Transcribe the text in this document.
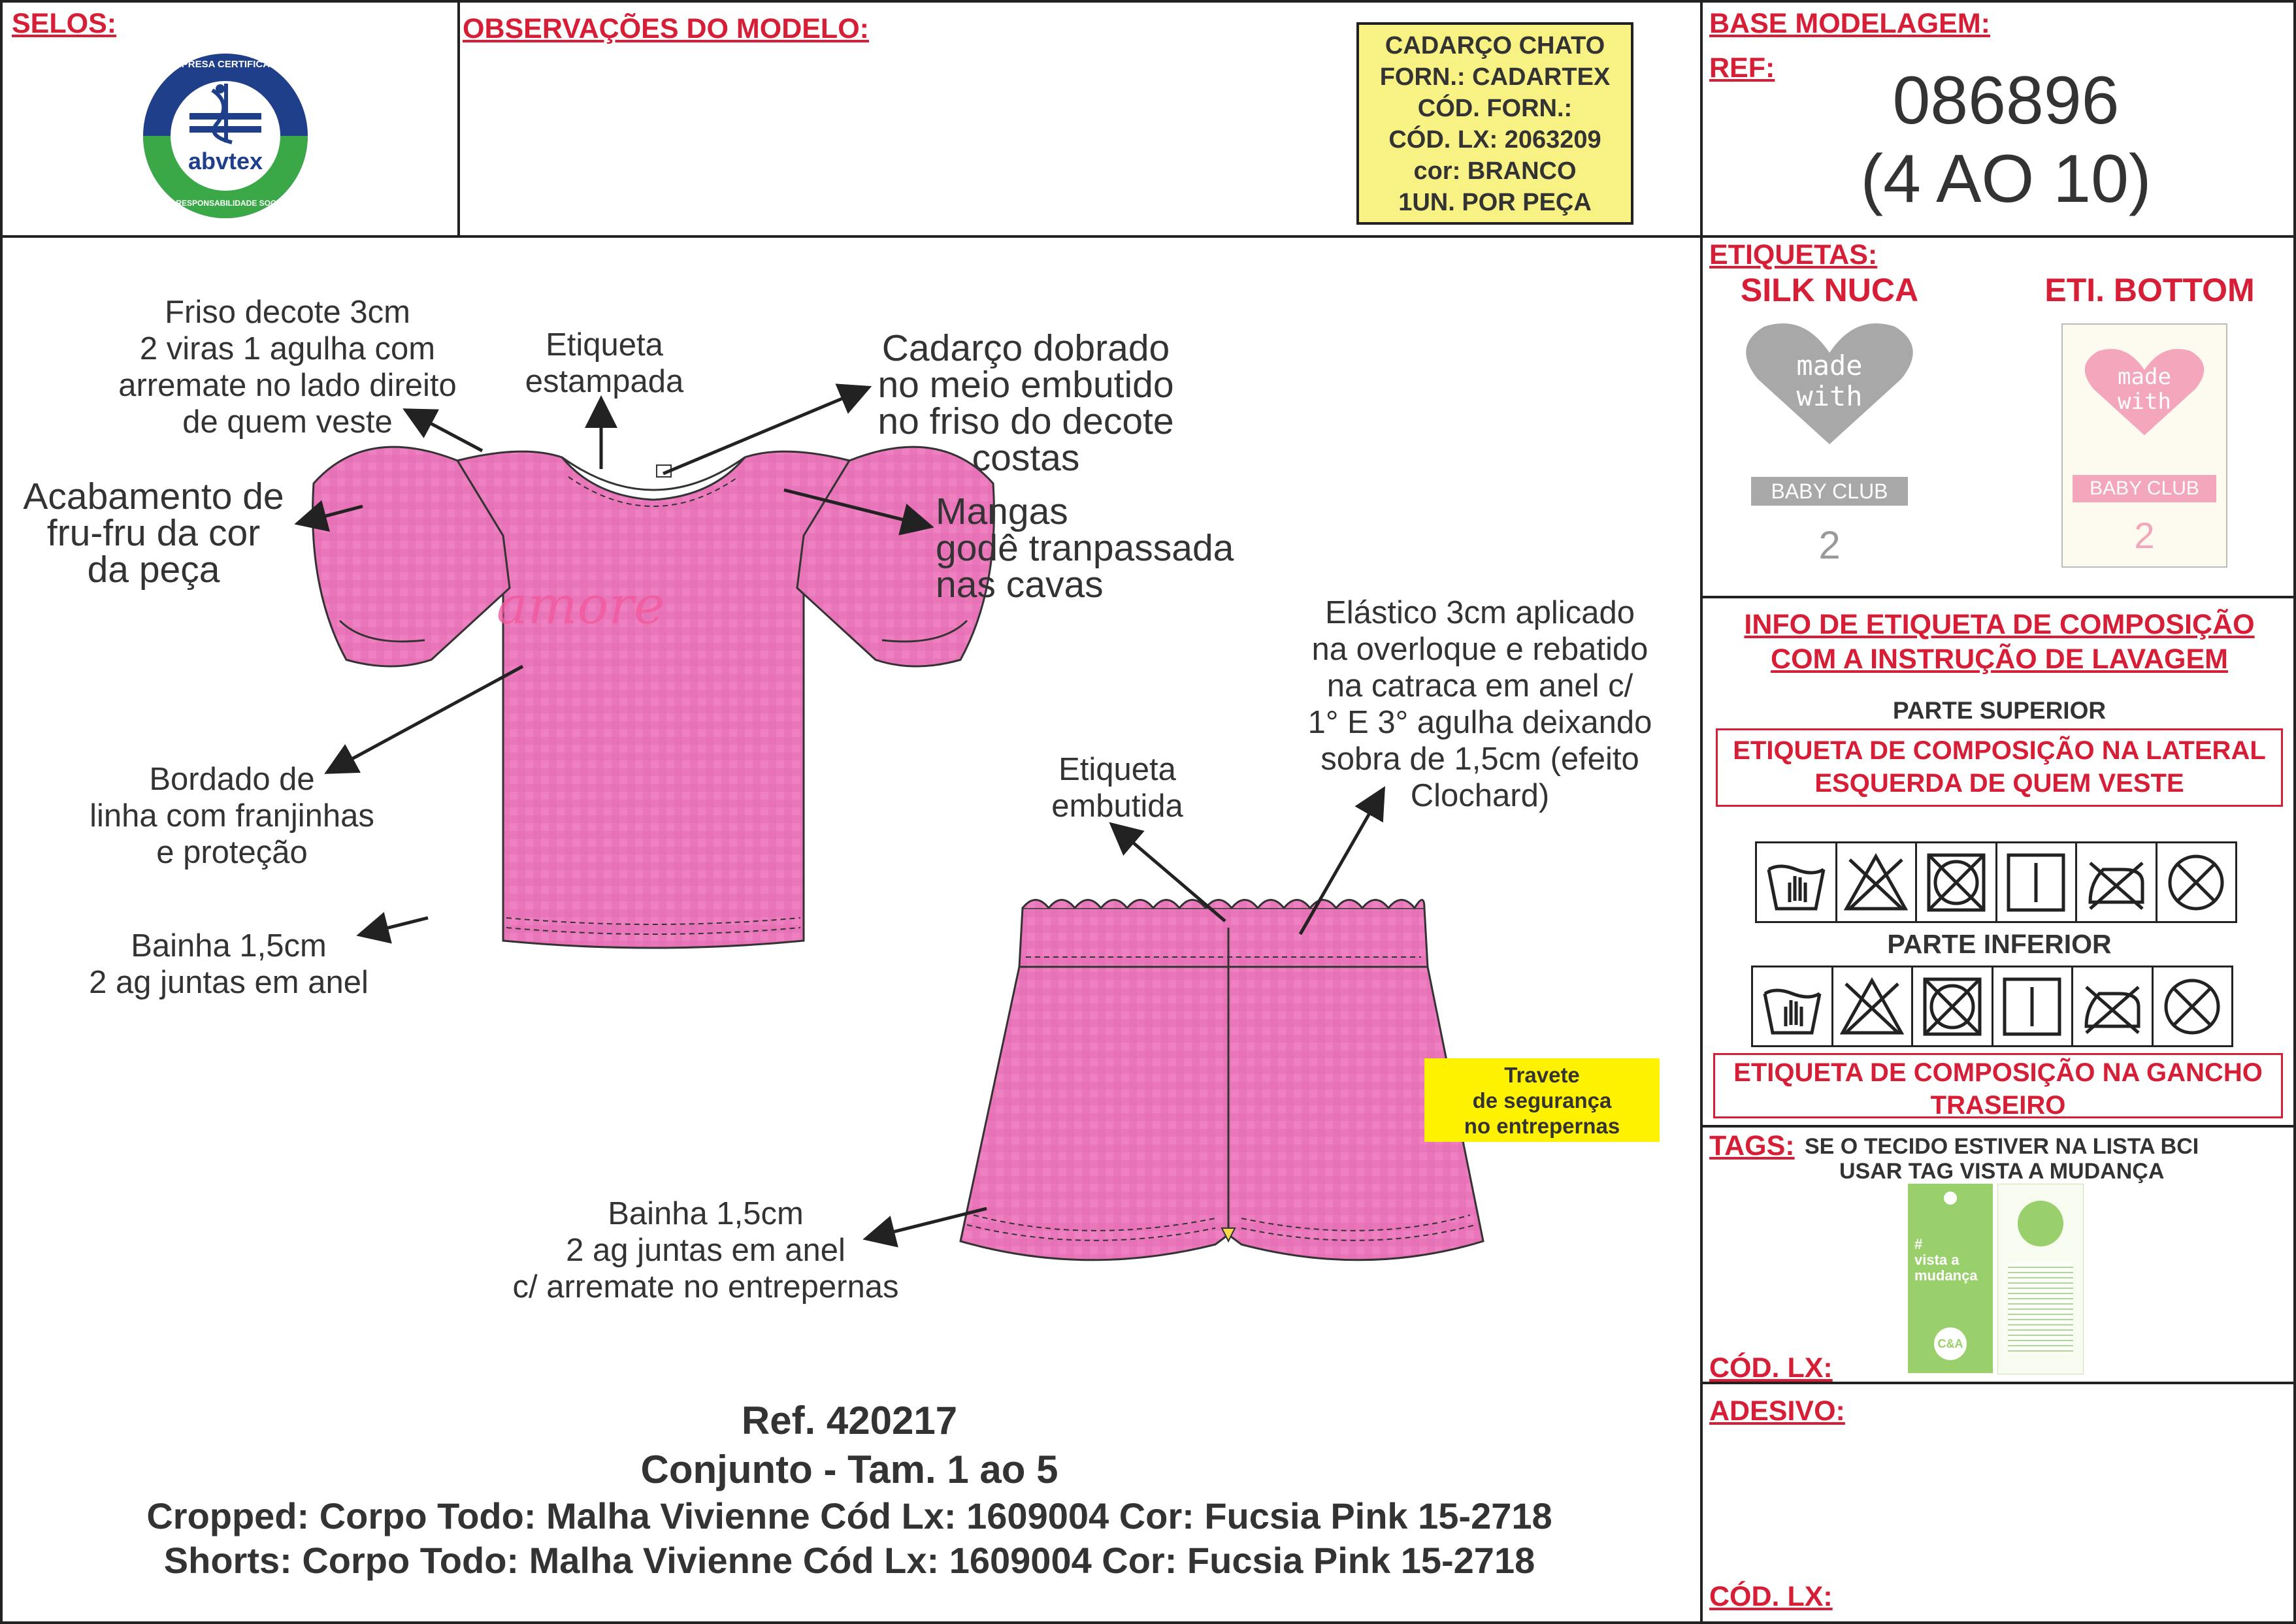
SELOS:	OBSERVAÇÕES DO MODELO:	BASE MODELAGEM:
REF:	086896
(4 AO 10)
abvtex
EMPRESA CERTIFICADA
EM RESPONSABILIDADE SOCIAL
CADARÇO CHATO
FORN.: CADARTEX
CÓD. FORN.:
CÓD. LX: 2063209
cor: BRANCO
1UN. POR PEÇA
amore
Travete
de segurança
no entrepernas
Friso decote 3cm
2 viras 1 agulha com
arremate no lado direito
de quem veste
Etiqueta
estampada
Cadarço dobrado
no meio embutido
no friso do decote
costas
Acabamento de
fru-fru da cor
da peça
Mangas
godê tranpassada
nas cavas
Bordado de
linha com franjinhas
e proteção
Bainha 1,5cm
2 ag juntas em anel
Elástico 3cm aplicado
na overloque e rebatido
na catraca em anel c/
1° E 3° agulha deixando
sobra de 1,5cm (efeito
Clochard)
Etiqueta
embutida
Bainha 1,5cm
2 ag juntas em anel
c/ arremate no entrepernas
Ref. 420217
Conjunto - Tam. 1 ao 5
Cropped: Corpo Todo: Malha Vivienne Cód Lx: 1609004 Cor: Fucsia Pink 15-2718
Shorts: Corpo Todo: Malha Vivienne Cód Lx: 1609004 Cor: Fucsia Pink 15-2718
ETIQUETAS:
SILK NUCA	ETI. BOTTOM
made
with
BABY CLUB
2
made
with
BABY CLUB
2
INFO DE ETIQUETA DE COMPOSIÇÃO
COM A INSTRUÇÃO DE LAVAGEM
PARTE SUPERIOR
ETIQUETA DE COMPOSIÇÃO NA LATERAL
ESQUERDA DE QUEM VESTE
PARTE INFERIOR
ETIQUETA DE COMPOSIÇÃO NA GANCHO
TRASEIRO
TAGS: SE O TECIDO ESTIVER NA LISTA BCI
USAR TAG VISTA A MUDANÇA
#
vista a
mudança
C&A
CÓD. LX:
ADESIVO:
CÓD. LX:
